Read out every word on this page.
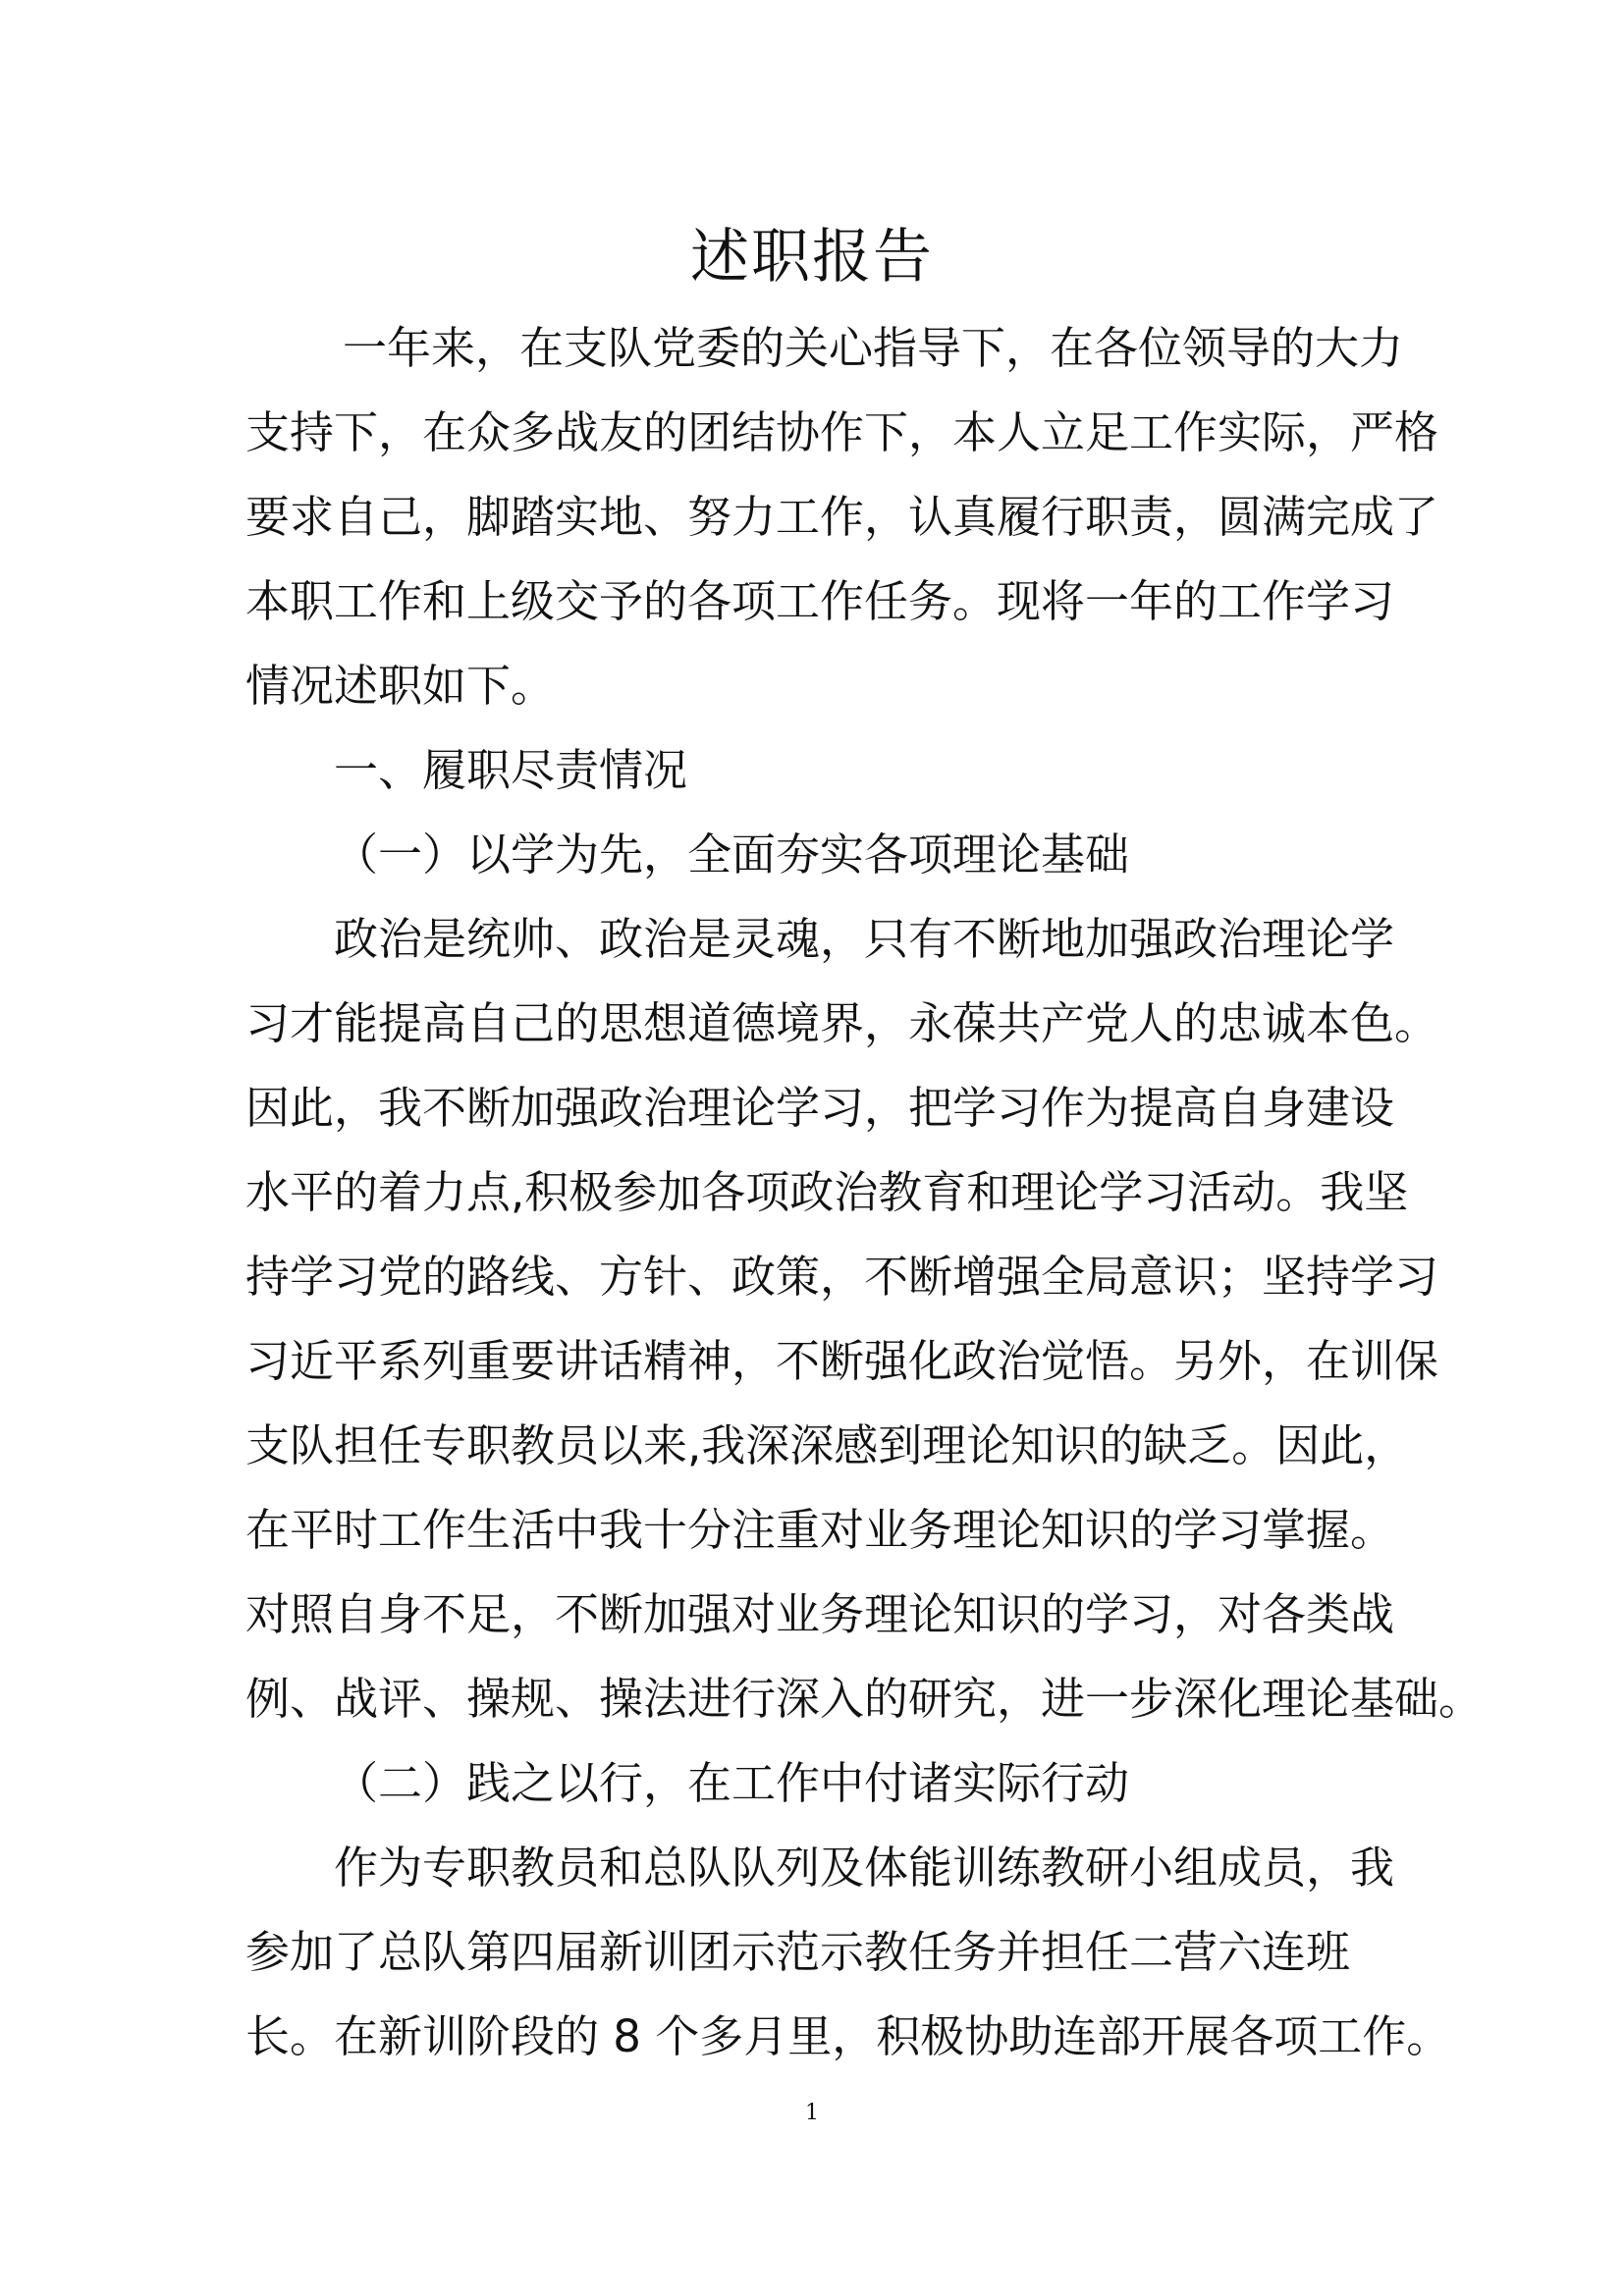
述职报告
一年来，在支队党委的关心指导下，在各位领导的大力
支持下，在众多战友的团结协作下，本人立足工作实际，严格
要求自己，脚踏实地、努力工作，认真履行职责，圆满完成了
本职工作和上级交予的各项工作任务。现将一年的工作学习
情况述职如下。
一、履职尽责情况
（一）以学为先，全面夯实各项理论基础
政治是统帅、政治是灵魂，只有不断地加强政治理论学
习才能提高自己的思想道德境界，永葆共产党人的忠诚本色。
因此，我不断加强政治理论学习，把学习作为提高自身建设
水平的着力点,积极参加各项政治教育和理论学习活动。我坚
持学习党的路线、方针、政策，不断增强全局意识；坚持学习
习近平系列重要讲话精神，不断强化政治觉悟。另外，在训保
支队担任专职教员以来,我深深感到理论知识的缺乏。因此，
在平时工作生活中我十分注重对业务理论知识的学习掌握。
对照自身不足，不断加强对业务理论知识的学习，对各类战
例、战评、操规、操法进行深入的研究，进一步深化理论基础。
（二）践之以行，在工作中付诸实际行动
作为专职教员和总队队列及体能训练教研小组成员，我
参加了总队第四届新训团示范示教任务并担任二营六连班
长。在新训阶段的 8 个多月里，积极协助连部开展各项工作。
1
